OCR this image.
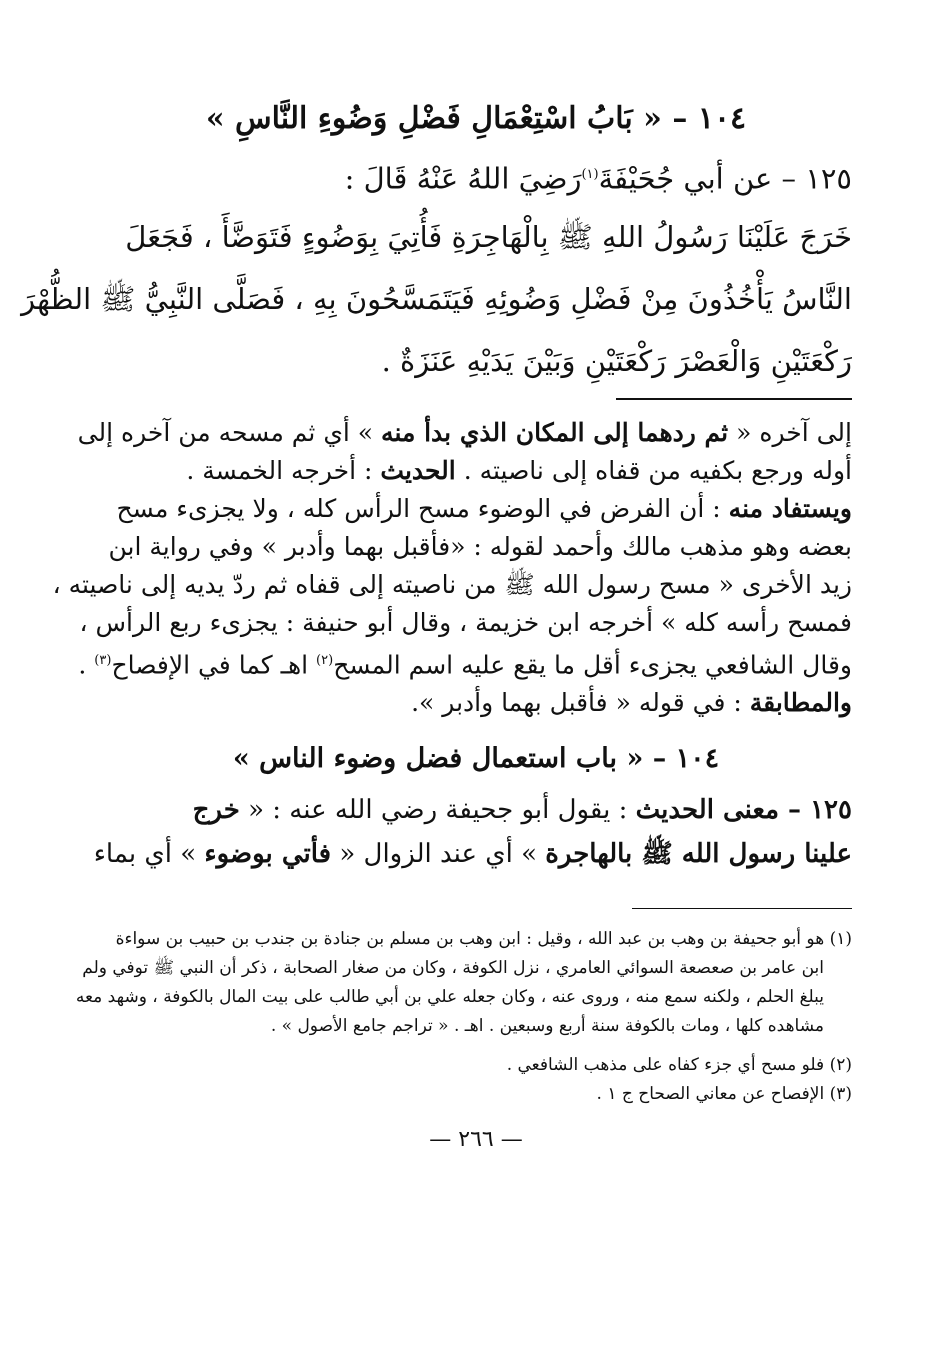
١٠٤ – « بَابُ اسْتِعْمَالِ فَضْلِ وَضُوءِ النَّاسِ »
١٢٥ – عن أبي جُحَيْفَةَ$^{(١)}$رَضِيَ اللهُ عَنْهُ قَالَ :
خَرَجَ عَلَيْنَا رَسُولُ اللهِ ﷺ بِالْهَاجِرَةِ فَأُتِيَ بِوَضُوءٍ فَتَوَضَّأَ ، فَجَعَلَ
النَّاسُ يَأْخُذُونَ مِنْ فَضْلِ وَضُوئِهِ فَيَتَمَسَّحُونَ بِهِ ، فَصَلَّى النَّبِيُّ ﷺ الظُّهْرَ
رَكْعَتَيْنِ وَالْعَصْرَ رَكْعَتَيْنِ وَبَيْنَ يَدَيْهِ عَنَزَةٌ .
إلى آخره « ثم ردهما إلى المكان الذي بدأ منه » أي ثم مسحه من آخره إلى
أوله ورجع بكفيه من قفاه إلى ناصيته . الحديث : أخرجه الخمسة .
ويستفاد منه : أن الفرض في الوضوء مسح الرأس كله ، ولا يجزىء مسح
بعضه وهو مذهب مالك وأحمد لقوله : «فأقبل بهما وأدبر » وفي رواية ابن
زيد الأخرى « مسح رسول الله ﷺ من ناصيته إلى قفاه ثم ردّ يديه إلى ناصيته ،
فمسح رأسه كله » أخرجه ابن خزيمة ، وقال أبو حنيفة : يجزىء ربع الرأس ،
وقال الشافعي يجزىء أقل ما يقع عليه اسم المسح$^{(٢)}$ اهـ كما في الإفصاح$^{(٣)}$ .
والمطابقة : في قوله « فأقبل بهما وأدبر ».
١٠٤ – « باب استعمال فضل وضوء الناس »
١٢٥ – معنى الحديث : يقول أبو جحيفة رضي الله عنه : « خرج
علينا رسول الله ﷺ بالهاجرة » أي عند الزوال « فأتي بوضوء » أي بماء
(١) هو أبو جحيفة بن وهب بن عبد الله ، وقيل : ابن وهب بن مسلم بن جنادة بن جندب بن حبيب بن سواءة
ابن عامر بن صعصعة السوائي العامري ، نزل الكوفة ، وكان من صغار الصحابة ، ذكر أن النبي ﷺ توفي ولم
يبلغ الحلم ، ولكنه سمع منه ، وروى عنه ، وكان جعله علي بن أبي طالب على بيت المال بالكوفة ، وشهد معه
مشاهده كلها ، ومات بالكوفة سنة أربع وسبعين . اهـ . « تراجم جامع الأصول » .
(٢) فلو مسح أي جزء كفاه على مذهب الشافعي .
(٣) الإفصاح عن معاني الصحاح ج ١ .
— ٢٦٦ —
